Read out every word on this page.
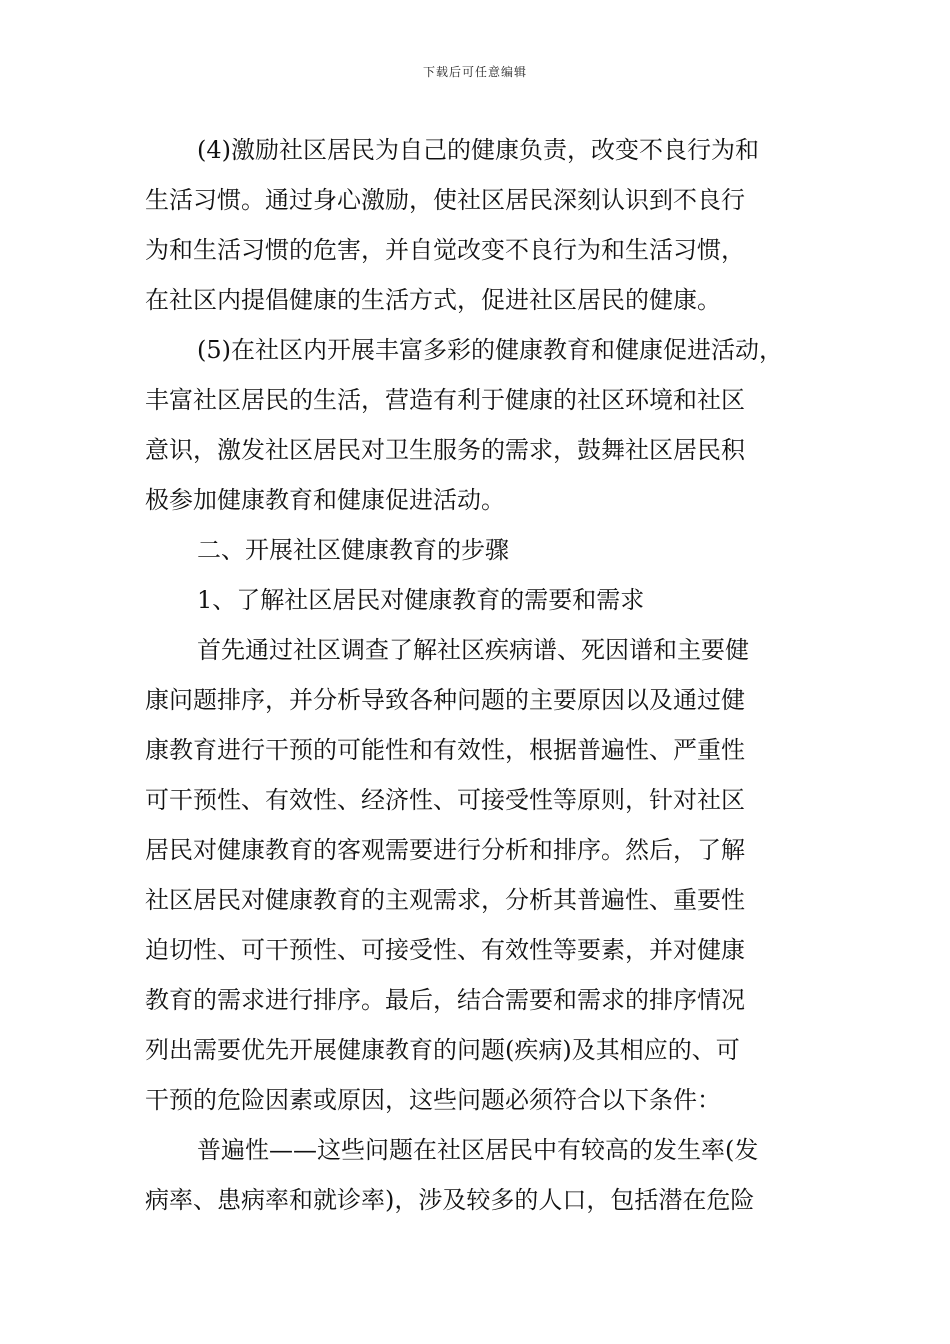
下载后可任意编辑
(4)激励社区居民为自己的健康负责，改变不良行为和
生活习惯。通过身心激励，使社区居民深刻认识到不良行
为和生活习惯的危害，并自觉改变不良行为和生活习惯，
在社区内提倡健康的生活方式，促进社区居民的健康。
(5)在社区内开展丰富多彩的健康教育和健康促进活动，
丰富社区居民的生活，营造有利于健康的社区环境和社区
意识，激发社区居民对卫生服务的需求，鼓舞社区居民积
极参加健康教育和健康促进活动。
二、开展社区健康教育的步骤
1、了解社区居民对健康教育的需要和需求
首先通过社区调查了解社区疾病谱、死因谱和主要健
康问题排序，并分析导致各种问题的主要原因以及通过健
康教育进行干预的可能性和有效性，根据普遍性、严重性
可干预性、有效性、经济性、可接受性等原则，针对社区
居民对健康教育的客观需要进行分析和排序。然后，了解
社区居民对健康教育的主观需求，分析其普遍性、重要性
迫切性、可干预性、可接受性、有效性等要素，并对健康
教育的需求进行排序。最后，结合需要和需求的排序情况
列出需要优先开展健康教育的问题(疾病)及其相应的、可
干预的危险因素或原因，这些问题必须符合以下条件：
普遍性——这些问题在社区居民中有较高的发生率(发
病率、患病率和就诊率)，涉及较多的人口，包括潜在危险
